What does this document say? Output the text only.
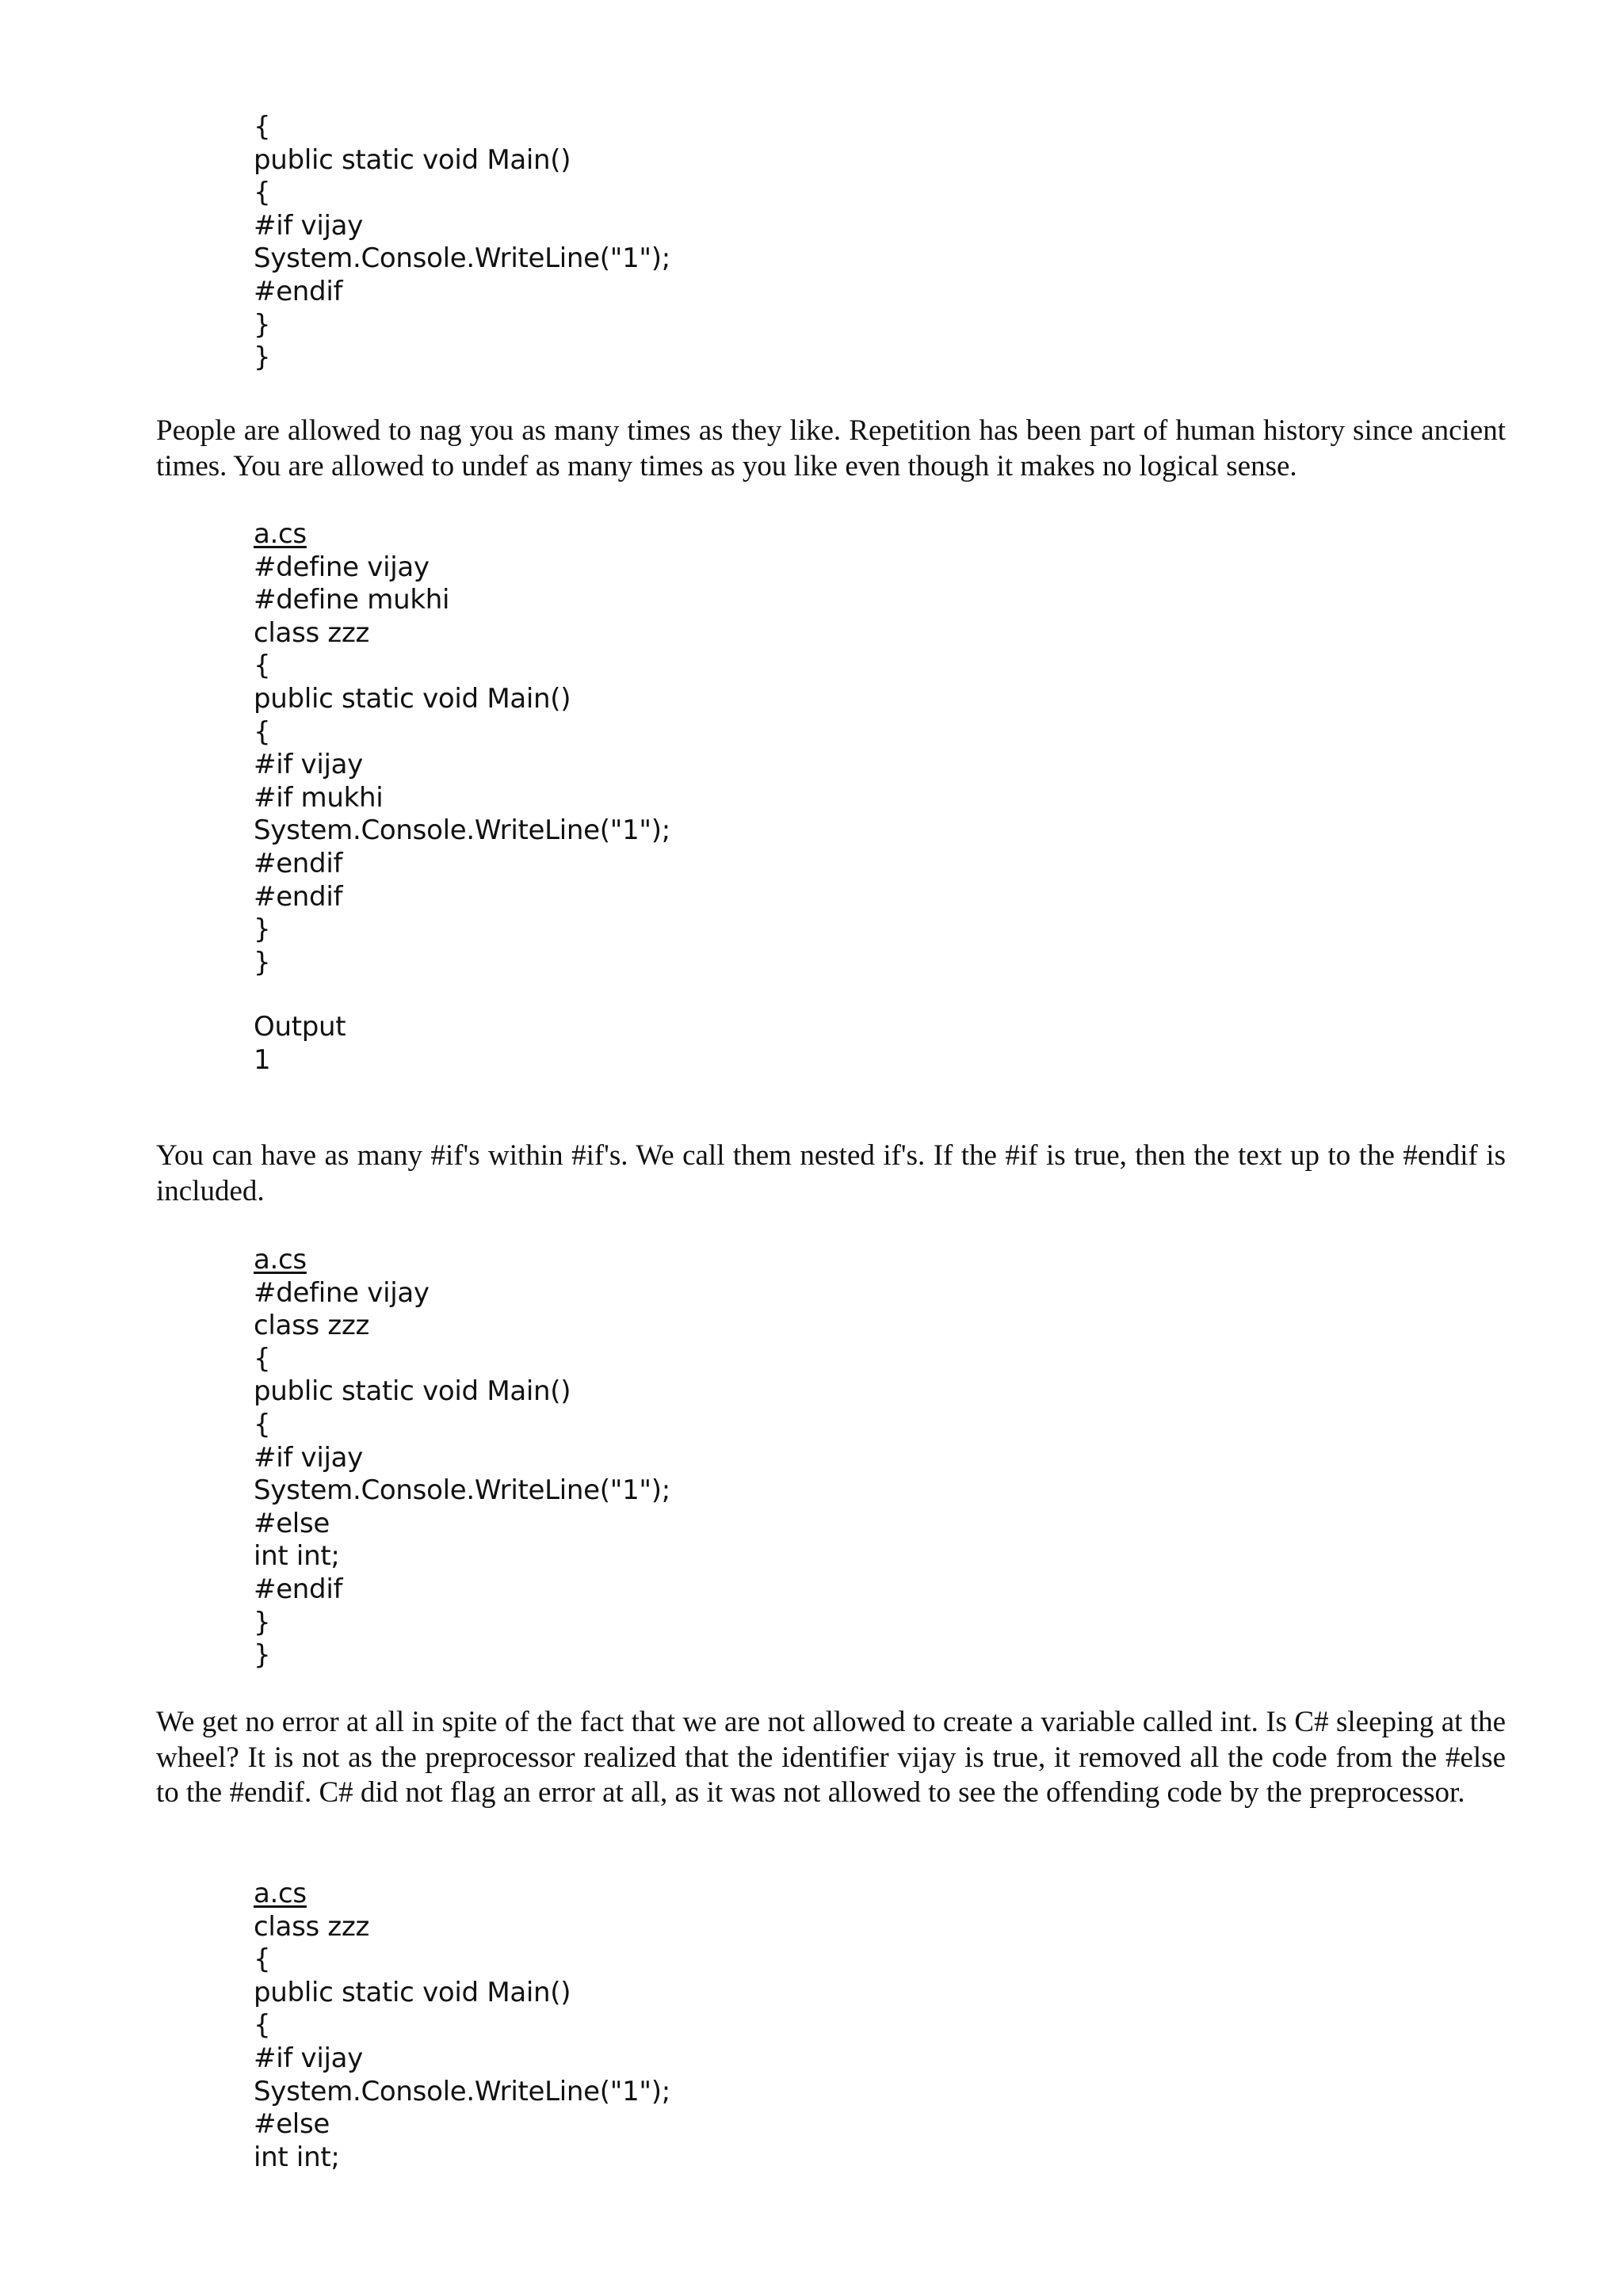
{
public static void Main()
{
#if vijay
System.Console.WriteLine("1");
#endif
}
}

People are allowed to nag you as many times as they like. Repetition has been part of human history since ancient times. You are allowed to undef as many times as you like even though it makes no logical sense.

a.cs
#define vijay
#define mukhi
class zzz
{
public static void Main()
{
#if vijay
#if mukhi
System.Console.WriteLine("1");
#endif
#endif
}
}
Output
1

You can have as many #if's within #if's. We call them nested if's. If the #if is true, then the text up to the #endif is included.

a.cs
#define vijay
class zzz
{
public static void Main()
{
#if vijay
System.Console.WriteLine("1");
#else
int int;
#endif
}
}

We get no error at all in spite of the fact that we are not allowed to create a variable called int. Is C# sleeping at the wheel? It is not as the preprocessor realized that the identifier vijay is true, it removed all the code from the #else to the #endif. C# did not flag an error at all, as it was not allowed to see the offending code by the preprocessor.

a.cs
class zzz
{
public static void Main()
{
#if vijay
System.Console.WriteLine("1");
#else
int int;
